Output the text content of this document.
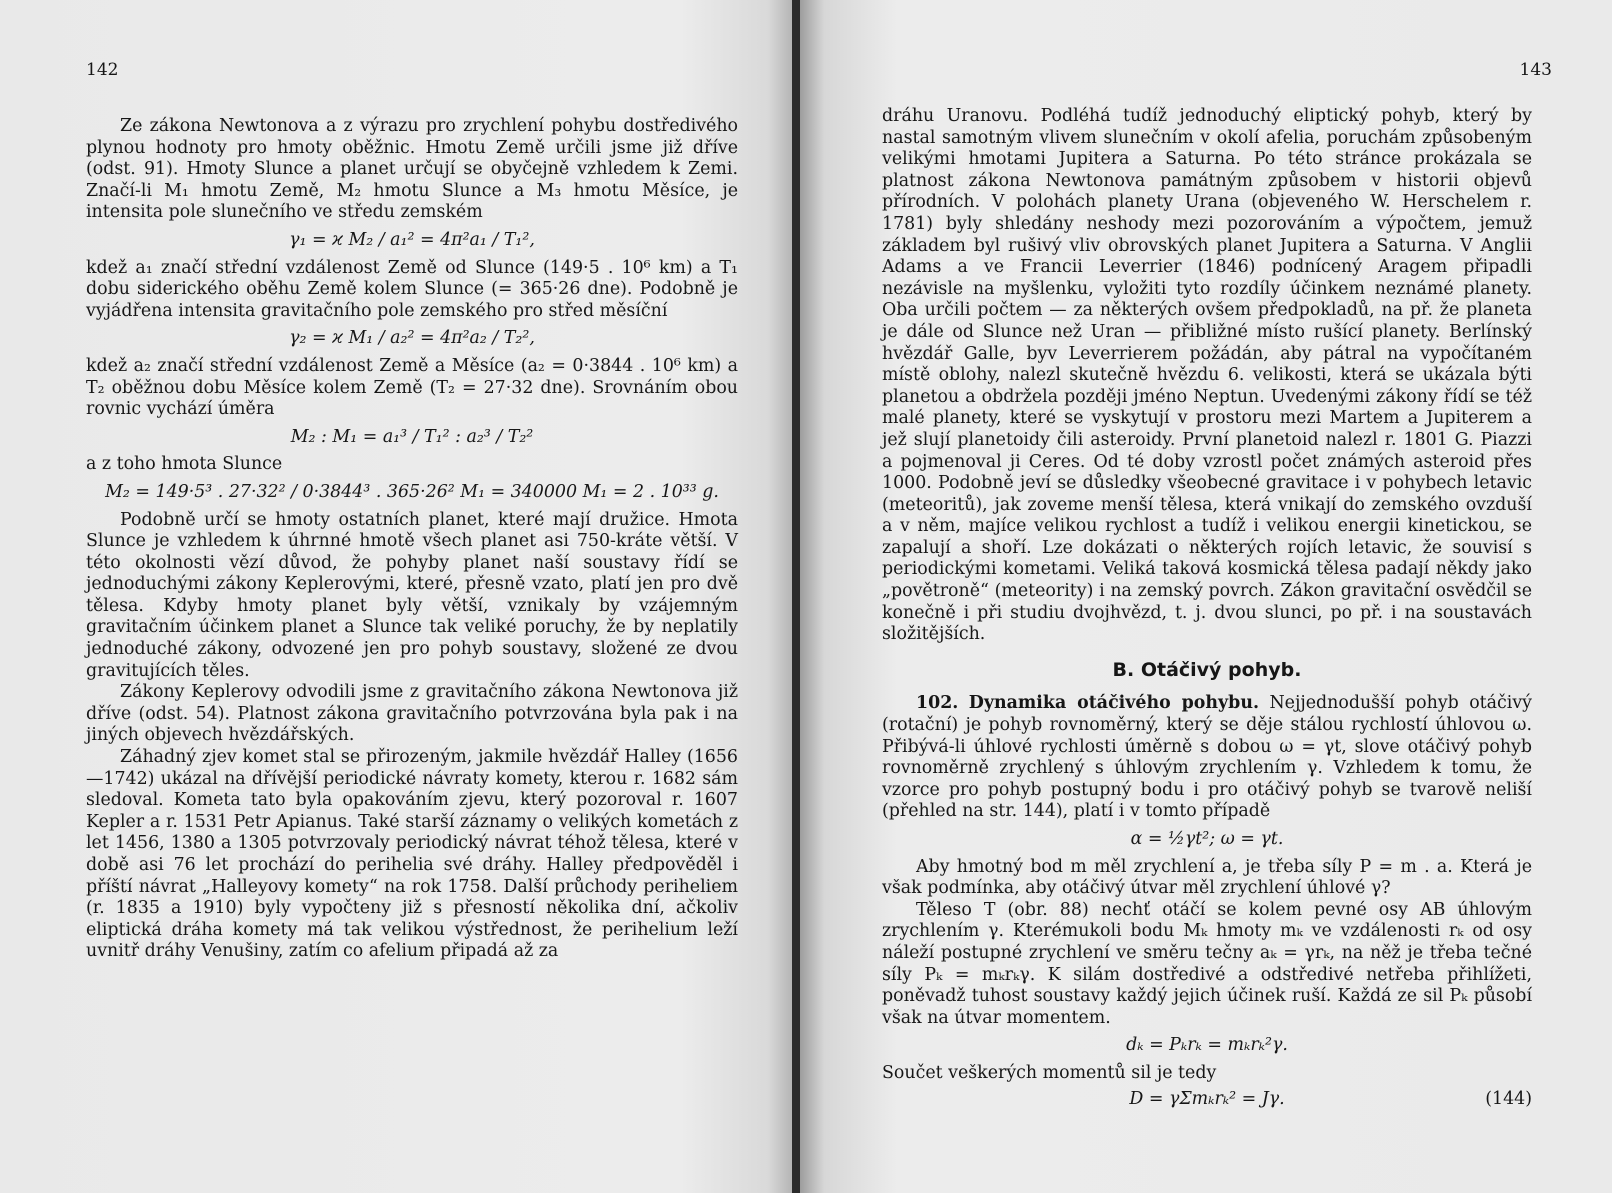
142

Ze zákona Newtonova a z výrazu pro zrychlení pohybu dostředivého plynou hodnoty pro hmoty oběžnic. Hmotu Země určili jsme již dříve (odst. 91). Hmoty Slunce a planet určují se obyčejně vzhledem k Zemi. Značí-li M₁ hmotu Země, M₂ hmotu Slunce a M₃ hmotu Měsíce, je intensita pole slunečního ve středu zemském

γ₁ = ϰ M₂ / a₁² = 4π²a₁ / T₁²,

kdež a₁ značí střední vzdálenost Země od Slunce (149·5 . 10⁶ km) a T₁ dobu siderického oběhu Země kolem Slunce (= 365·26 dne). Podobně je vyjádřena intensita gravitačního pole zemského pro střed měsíční

γ₂ = ϰ M₁ / a₂² = 4π²a₂ / T₂²,

kdež a₂ značí střední vzdálenost Země a Měsíce (a₂ = 0·3844 . 10⁶ km) a T₂ oběžnou dobu Měsíce kolem Země (T₂ = 27·32 dne). Srovnáním obou rovnic vychází úměra

M₂ : M₁ = a₁³ / T₁² : a₂³ / T₂²

a z toho hmota Slunce

M₂ = 149·5³ . 27·32² / 0·3844³ . 365·26² M₁ = 340000 M₁ = 2 . 10³³ g.

Podobně určí se hmoty ostatních planet, které mají družice. Hmota Slunce je vzhledem k úhrnné hmotě všech planet asi 750-kráte větší. V této okolnosti vězí důvod, že pohyby planet naší soustavy řídí se jednoduchými zákony Keplerovými, které, přesně vzato, platí jen pro dvě tělesa. Kdyby hmoty planet byly větší, vznikaly by vzájemným gravitačním účinkem planet a Slunce tak veliké poruchy, že by neplatily jednoduché zákony, odvozené jen pro pohyb soustavy, složené ze dvou gravitujících těles.

Zákony Keplerovy odvodili jsme z gravitačního zákona Newtonova již dříve (odst. 54). Platnost zákona gravitačního potvrzována byla pak i na jiných objevech hvězdářských.

Záhadný zjev komet stal se přirozeným, jakmile hvězdář Halley (1656—1742) ukázal na dřívější periodické návraty komety, kterou r. 1682 sám sledoval. Kometa tato byla opakováním zjevu, který pozoroval r. 1607 Kepler a r. 1531 Petr Apianus. Také starší záznamy o velikých kometách z let 1456, 1380 a 1305 potvrzovaly periodický návrat téhož tělesa, které v době asi 76 let prochází do perihelia své dráhy. Halley předpověděl i příští návrat „Halleyovy komety“ na rok 1758. Další průchody periheliem (r. 1835 a 1910) byly vypočteny již s přesností několika dní, ačkoliv eliptická dráha komety má tak velikou výstřednost, že perihelium leží uvnitř dráhy Venušiny, zatím co afelium připadá až za

143

dráhu Uranovu. Podléhá tudíž jednoduchý eliptický pohyb, který by nastal samotným vlivem slunečním v okolí afelia, poruchám způsobeným velikými hmotami Jupitera a Saturna. Po této stránce prokázala se platnost zákona Newtonova památným způsobem v historii objevů přírodních. V polohách planety Urana (objeveného W. Herschelem r. 1781) byly shledány neshody mezi pozorováním a výpočtem, jemuž základem byl rušivý vliv obrovských planet Jupitera a Saturna. V Anglii Adams a ve Francii Leverrier (1846) podnícený Aragem připadli nezávisle na myšlenku, vyložiti tyto rozdíly účinkem neznámé planety. Oba určili počtem — za některých ovšem předpokladů, na př. že planeta je dále od Slunce než Uran — přibližné místo rušící planety. Berlínský hvězdář Galle, byv Leverrierem požádán, aby pátral na vypočítaném místě oblohy, nalezl skutečně hvězdu 6. velikosti, která se ukázala býti planetou a obdržela později jméno Neptun. Uvedenými zákony řídí se též malé planety, které se vyskytují v prostoru mezi Martem a Jupiterem a jež slují planetoidy čili asteroidy. První planetoid nalezl r. 1801 G. Piazzi a pojmenoval ji Ceres. Od té doby vzrostl počet známých asteroid přes 1000. Podobně jeví se důsledky všeobecné gravitace i v pohybech letavic (meteoritů), jak zoveme menší tělesa, která vnikají do zemského ovzduší a v něm, majíce velikou rychlost a tudíž i velikou energii kinetickou, se zapalují a shoří. Lze dokázati o některých rojích letavic, že souvisí s periodickými kometami. Veliká taková kosmická tělesa padají někdy jako „povětroně“ (meteority) i na zemský povrch. Zákon gravitační osvědčil se konečně i při studiu dvojhvězd, t. j. dvou slunci, po př. i na soustavách složitějších.

B. Otáčivý pohyb.

102. Dynamika otáčivého pohybu. Nejjednodušší pohyb otáčivý (rotační) je pohyb rovnoměrný, který se děje stálou rychlostí úhlovou ω. Přibývá-li úhlové rychlosti úměrně s dobou ω = γt, slove otáčivý pohyb rovnoměrně zrychlený s úhlovým zrychlením γ. Vzhledem k tomu, že vzorce pro pohyb postupný bodu i pro otáčivý pohyb se tvarově neliší (přehled na str. 144), platí i v tomto případě

α = ½γt²; ω = γt.

Aby hmotný bod m měl zrychlení a, je třeba síly P = m . a. Která je však podmínka, aby otáčivý útvar měl zrychlení úhlové γ?

Těleso T (obr. 88) nechť otáčí se kolem pevné osy AB úhlovým zrychlením γ. Kterémukoli bodu Mₖ hmoty mₖ ve vzdálenosti rₖ od osy náleží postupné zrychlení ve směru tečny aₖ = γrₖ, na něž je třeba tečné síly Pₖ = mₖrₖγ. K silám dostředivé a odstředivé netřeba přihlížeti, poněvadž tuhost soustavy každý jejich účinek ruší. Každá ze sil Pₖ působí však na útvar momentem.

dₖ = Pₖrₖ = mₖrₖ²γ.

Součet veškerých momentů sil je tedy

D = γΣmₖrₖ² = Jγ.	(144)
